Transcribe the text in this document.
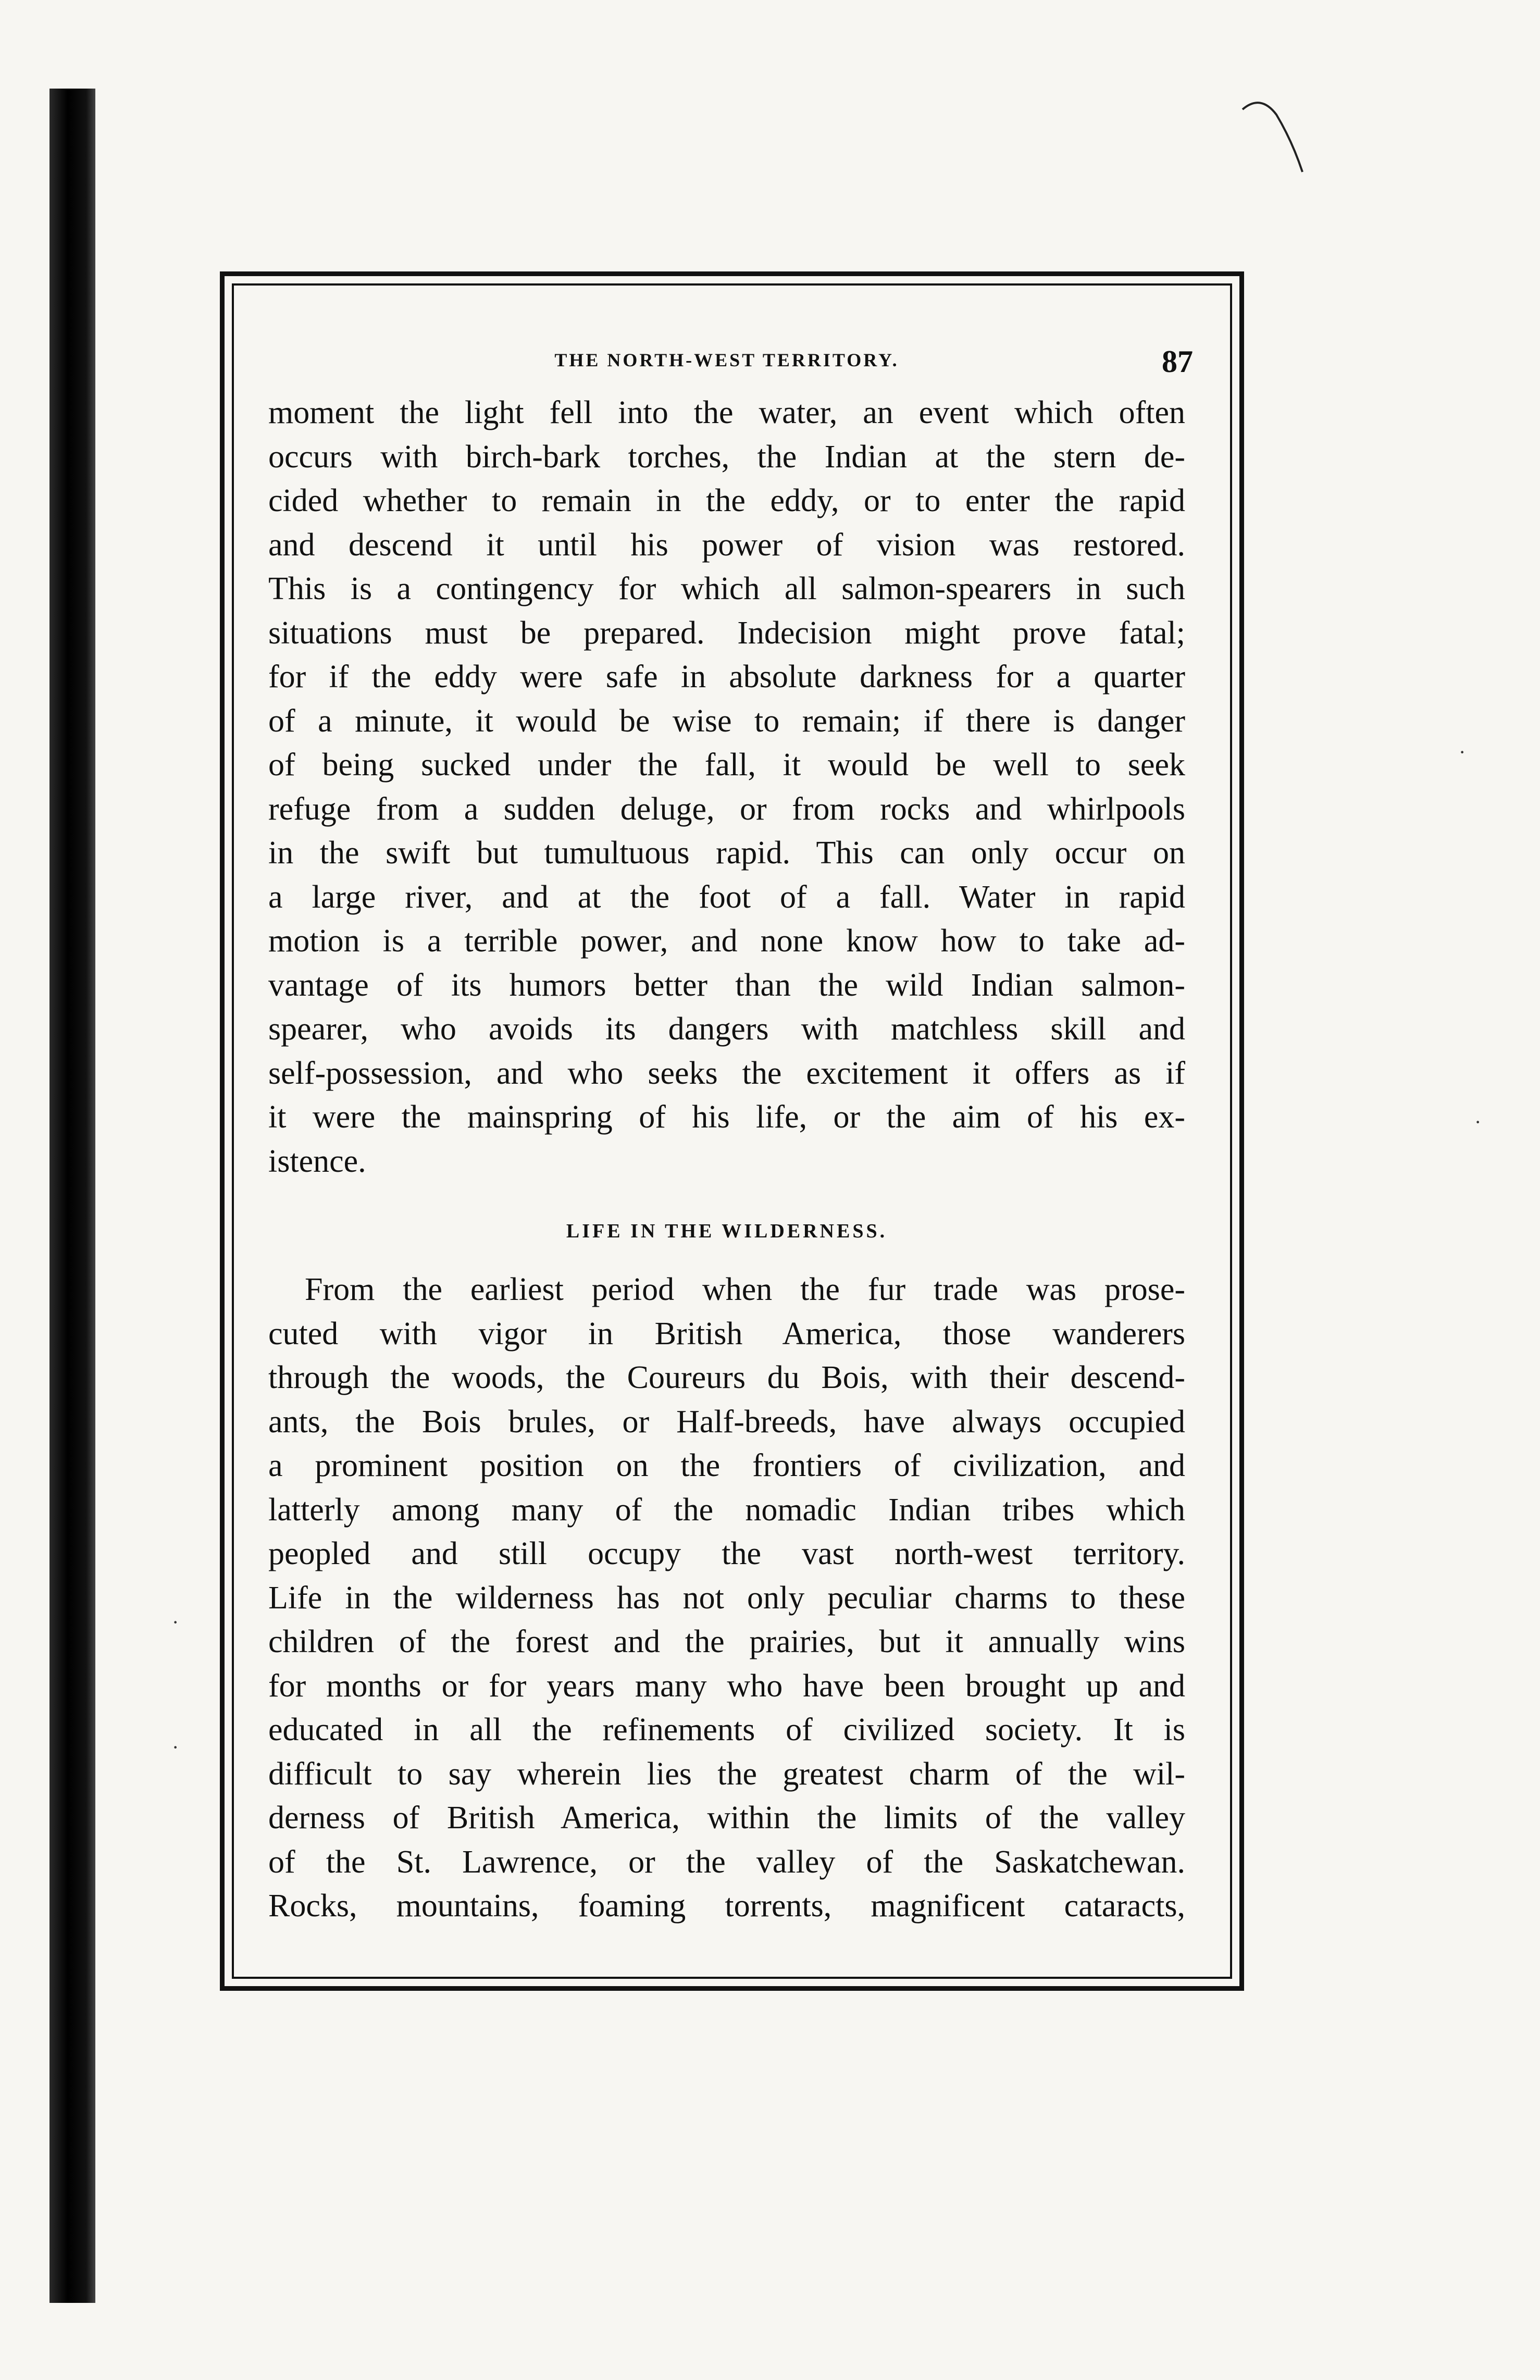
·
·
·
·
THE NORTH-WEST TERRITORY.	87

moment the light fell into the water, an event which often
occurs with birch-bark torches, the Indian at the stern de-
cided whether to remain in the eddy, or to enter the rapid
and descend it until his power of vision was restored.
This is a contingency for which all salmon-spearers in such
situations must be prepared. Indecision might prove fatal;
for if the eddy were safe in absolute darkness for a quarter
of a minute, it would be wise to remain; if there is danger
of being sucked under the fall, it would be well to seek
refuge from a sudden deluge, or from rocks and whirlpools
in the swift but tumultuous rapid. This can only occur on
a large river, and at the foot of a fall. Water in rapid
motion is a terrible power, and none know how to take ad-
vantage of its humors better than the wild Indian salmon-
spearer, who avoids its dangers with matchless skill and
self-possession, and who seeks the excitement it offers as if
it were the mainspring of his life, or the aim of his ex-
istence.

LIFE IN THE WILDERNESS.

From the earliest period when the fur trade was prose-
cuted with vigor in British America, those wanderers
through the woods, the Coureurs du Bois, with their descend-
ants, the Bois brules, or Half-breeds, have always occupied
a prominent position on the frontiers of civilization, and
latterly among many of the nomadic Indian tribes which
peopled and still occupy the vast north-west territory.
Life in the wilderness has not only peculiar charms to these
children of the forest and the prairies, but it annually wins
for months or for years many who have been brought up and
educated in all the refinements of civilized society. It is
difficult to say wherein lies the greatest charm of the wil-
derness of British America, within the limits of the valley
of the St. Lawrence, or the valley of the Saskatchewan.
Rocks, mountains, foaming torrents, magnificent cataracts,
